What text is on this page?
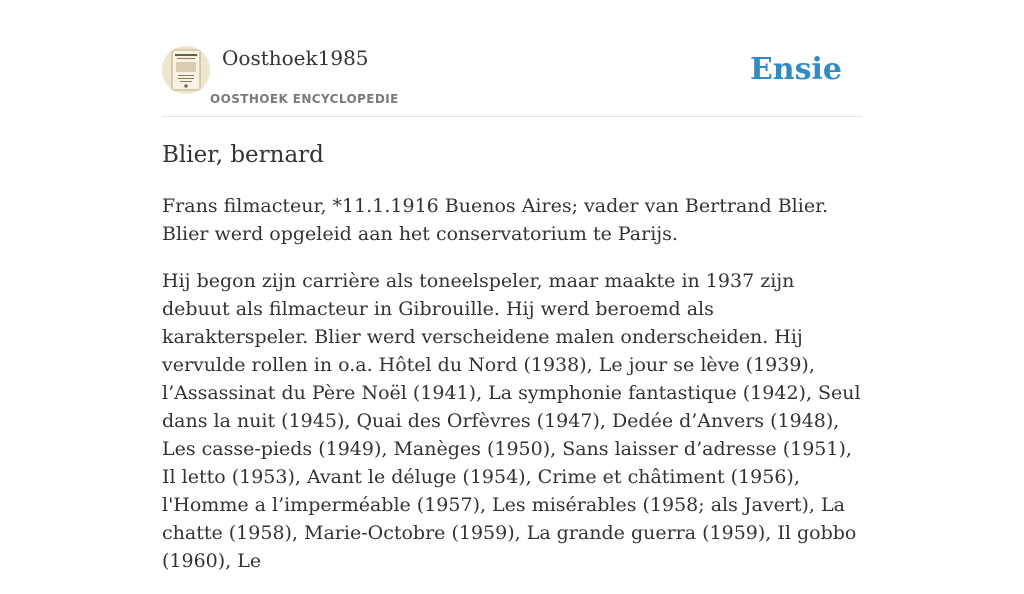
Oosthoek1985
OOSTHOEK ENCYCLOPEDIE
Ensie
Blier, bernard

Frans filmacteur, *11.1.1916 Buenos Aires; vader van Bertrand Blier. Blier werd opgeleid aan het conservatorium te Parijs.

Hij begon zijn carrière als toneelspeler, maar maakte in 1937 zijn debuut als filmacteur in Gibrouille. Hij werd beroemd als karakterspeler. Blier werd verscheidene malen onderscheiden. Hij vervulde rollen in o.a. Hôtel du Nord (1938), Le jour se lève (1939), l’Assassinat du Père Noël (1941), La symphonie fantastique (1942), Seul dans la nuit (1945), Quai des Orfèvres (1947), Dedée d’Anvers (1948), Les casse-pieds (1949), Manèges (1950), Sans laisser d’adresse (1951), Il letto (1953), Avant le déluge (1954), Crime et châtiment (1956), l'Homme a l’imperméable (1957), Les misérables (1958; als Javert), La chatte (1958), Marie-Octobre (1959), La grande guerra (1959), Il gobbo (1960), Le
